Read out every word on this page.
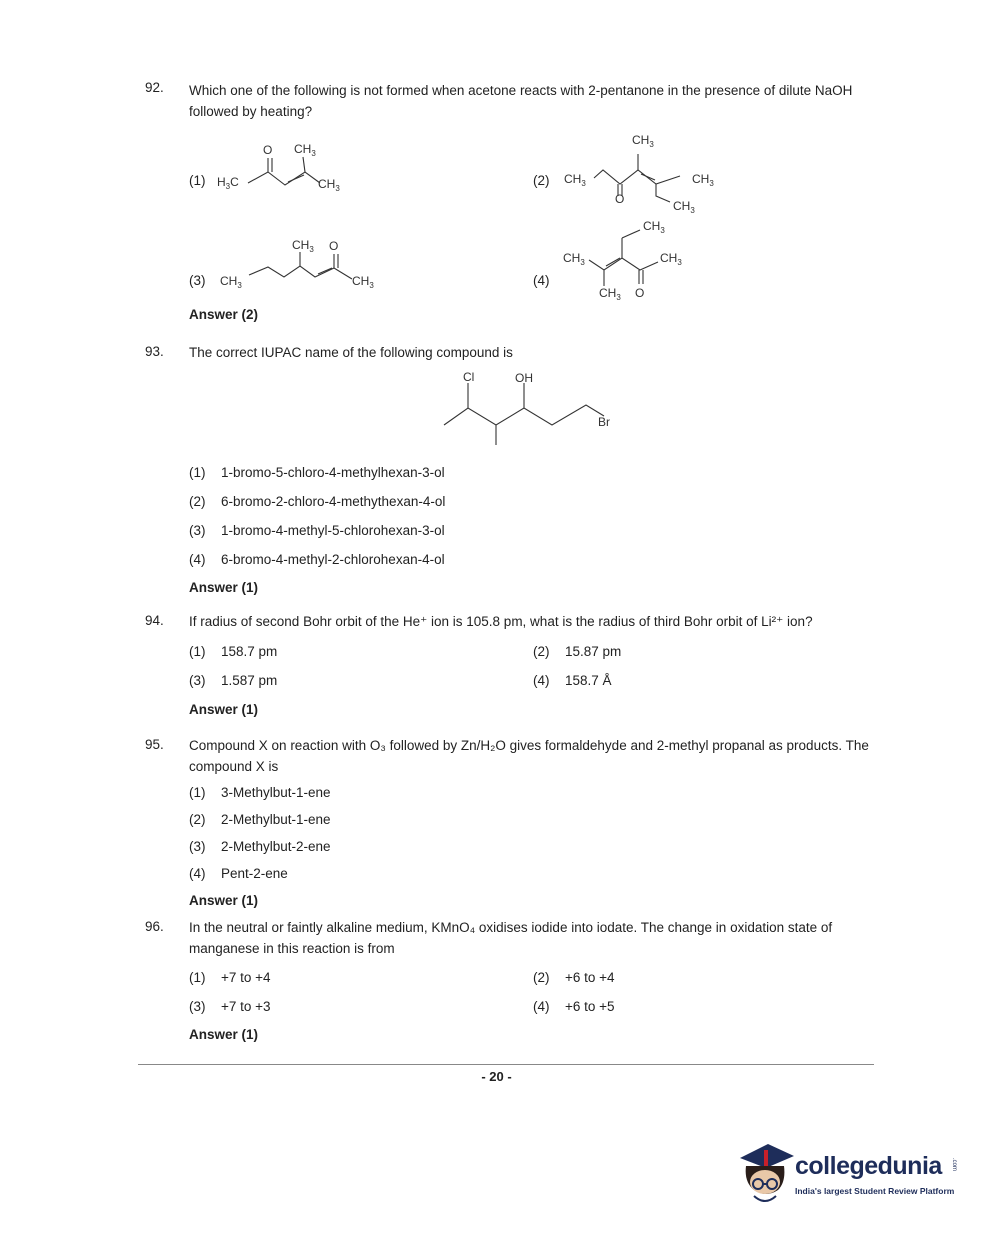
92. Which one of the following is not formed when acetone reacts with 2-pentanone in the presence of dilute NaOH followed by heating?
(1)	(2)
(3)	(4)
$H_3C$
O $CH_3$
$CH_3$
$CH_3$
O
$CH_3$
$CH_3$
$CH_3$
$CH_3$
$CH_3$ O
$CH_3$
$CH_3$
$CH_3$	$CH_3$
$CH_3$ O
Answer (2)
93. The correct IUPAC name of the following compound is
Cl	OH
Br
(1) 1-bromo-5-chloro-4-methylhexan-3-ol
(2) 6-bromo-2-chloro-4-methythexan-4-ol
(3) 1-bromo-4-methyl-5-chlorohexan-3-ol
(4) 6-bromo-4-methyl-2-chlorohexan-4-ol
Answer (1)
94. If radius of second Bohr orbit of the He⁺ ion is 105.8 pm, what is the radius of third Bohr orbit of Li²⁺ ion?
(1) 158.7 pm	(2) 15.87 pm
(3) 1.587 pm	(4) 158.7 Å
Answer (1)
95. Compound X on reaction with O₃ followed by Zn/H₂O gives formaldehyde and 2-methyl propanal as products. The compound X is
(1) 3-Methylbut-1-ene
(2) 2-Methylbut-1-ene
(3) 2-Methylbut-2-ene
(4) Pent-2-ene
Answer (1)
96. In the neutral or faintly alkaline medium, KMnO₄ oxidises iodide into iodate. The change in oxidation state of manganese in this reaction is from
(1) +7 to +4	(2) +6 to +4
(3) +7 to +3	(4) +6 to +5
Answer (1)
- 20 -
collegedunia .com
India's largest Student Review Platform
